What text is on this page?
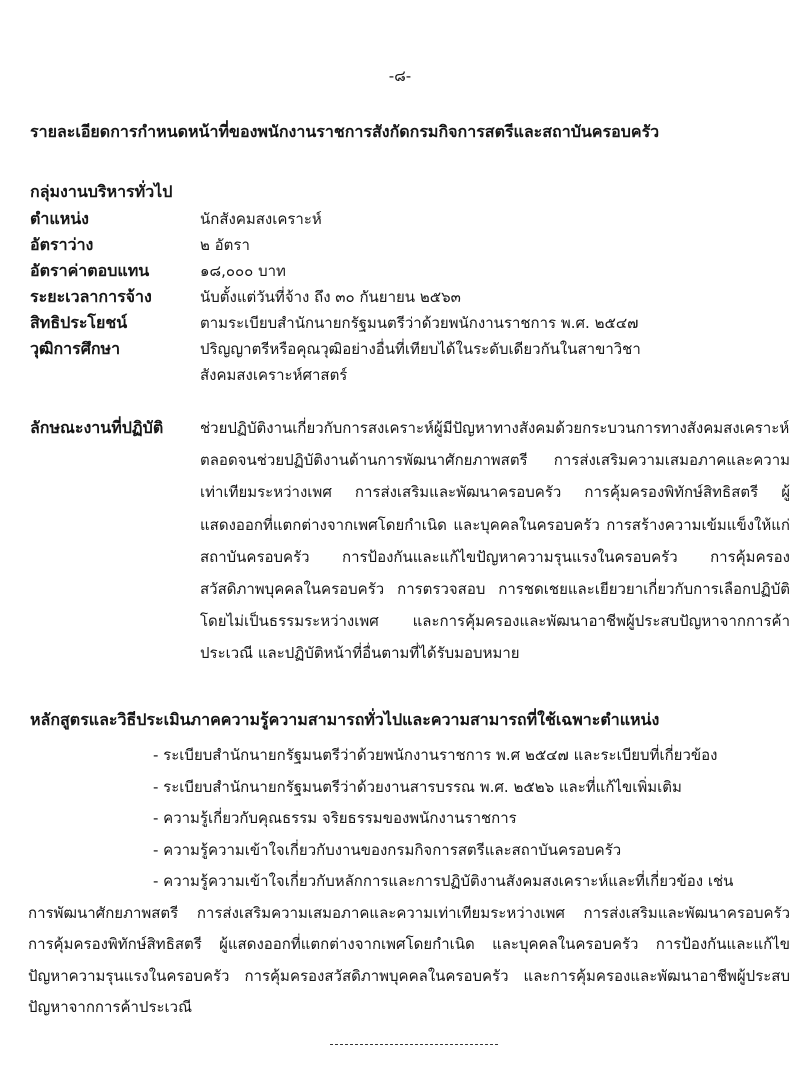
-๘-
รายละเอียดการกำหนดหน้าที่ของพนักงานราชการสังกัดกรมกิจการสตรีและสถาบันครอบครัว
กลุ่มงานบริหารทั่วไป
ตำแหน่ง	นักสังคมสงเคราะห์
อัตราว่าง	๒ อัตรา
อัตราค่าตอบแทน	๑๘,๐๐๐ บาท
ระยะเวลาการจ้าง	นับตั้งแต่วันที่จ้าง ถึง ๓๐ กันยายน ๒๕๖๓
สิทธิประโยชน์	ตามระเบียบสำนักนายกรัฐมนตรีว่าด้วยพนักงานราชการ พ.ศ. ๒๕๔๗
วุฒิการศึกษา	ปริญญาตรีหรือคุณวุฒิอย่างอื่นที่เทียบได้ในระดับเดียวกันในสาขาวิชา
สังคมสงเคราะห์ศาสตร์
ลักษณะงานที่ปฏิบัติ	ช่วยปฏิบัติงานเกี่ยวกับการสงเคราะห์ผู้มีปัญหาทางสังคมด้วยกระบวนการทางสังคมสงเคราะห์ ตลอดจนช่วยปฏิบัติงานด้านการพัฒนาศักยภาพสตรี การส่งเสริมความเสมอภาคและความเท่าเทียมระหว่างเพศ การส่งเสริมและพัฒนาครอบครัว การคุ้มครองพิทักษ์สิทธิสตรี ผู้แสดงออกที่แตกต่างจากเพศโดยกำเนิด และบุคคลในครอบครัว การสร้างความเข้มแข็งให้แก่สถาบันครอบครัว การป้องกันและแก้ไขปัญหาความรุนแรงในครอบครัว การคุ้มครองสวัสดิภาพบุคคลในครอบครัว การตรวจสอบ การชดเชยและเยียวยาเกี่ยวกับการเลือกปฏิบัติโดยไม่เป็นธรรมระหว่างเพศ และการคุ้มครองและพัฒนาอาชีพผู้ประสบปัญหาจากการค้าประเวณี และปฏิบัติหน้าที่อื่นตามที่ได้รับมอบหมาย
หลักสูตรและวิธีประเมินภาคความรู้ความสามารถทั่วไปและความสามารถที่ใช้เฉพาะตำแหน่ง
- ระเบียบสำนักนายกรัฐมนตรีว่าด้วยพนักงานราชการ พ.ศ ๒๕๔๗ และระเบียบที่เกี่ยวข้อง
- ระเบียบสำนักนายกรัฐมนตรีว่าด้วยงานสารบรรณ พ.ศ. ๒๕๒๖ และที่แก้ไขเพิ่มเติม
- ความรู้เกี่ยวกับคุณธรรม จริยธรรมของพนักงานราชการ
- ความรู้ความเข้าใจเกี่ยวกับงานของกรมกิจการสตรีและสถาบันครอบครัว
- ความรู้ความเข้าใจเกี่ยวกับหลักการและการปฏิบัติงานสังคมสงเคราะห์และที่เกี่ยวข้อง เช่น
การพัฒนาศักยภาพสตรี การส่งเสริมความเสมอภาคและความเท่าเทียมระหว่างเพศ การส่งเสริมและพัฒนาครอบครัว การคุ้มครองพิทักษ์สิทธิสตรี ผู้แสดงออกที่แตกต่างจากเพศโดยกำเนิด และบุคคลในครอบครัว การป้องกันและแก้ไขปัญหาความรุนแรงในครอบครัว การคุ้มครองสวัสดิภาพบุคคลในครอบครัว และการคุ้มครองและพัฒนาอาชีพผู้ประสบปัญหาจากการค้าประเวณี
